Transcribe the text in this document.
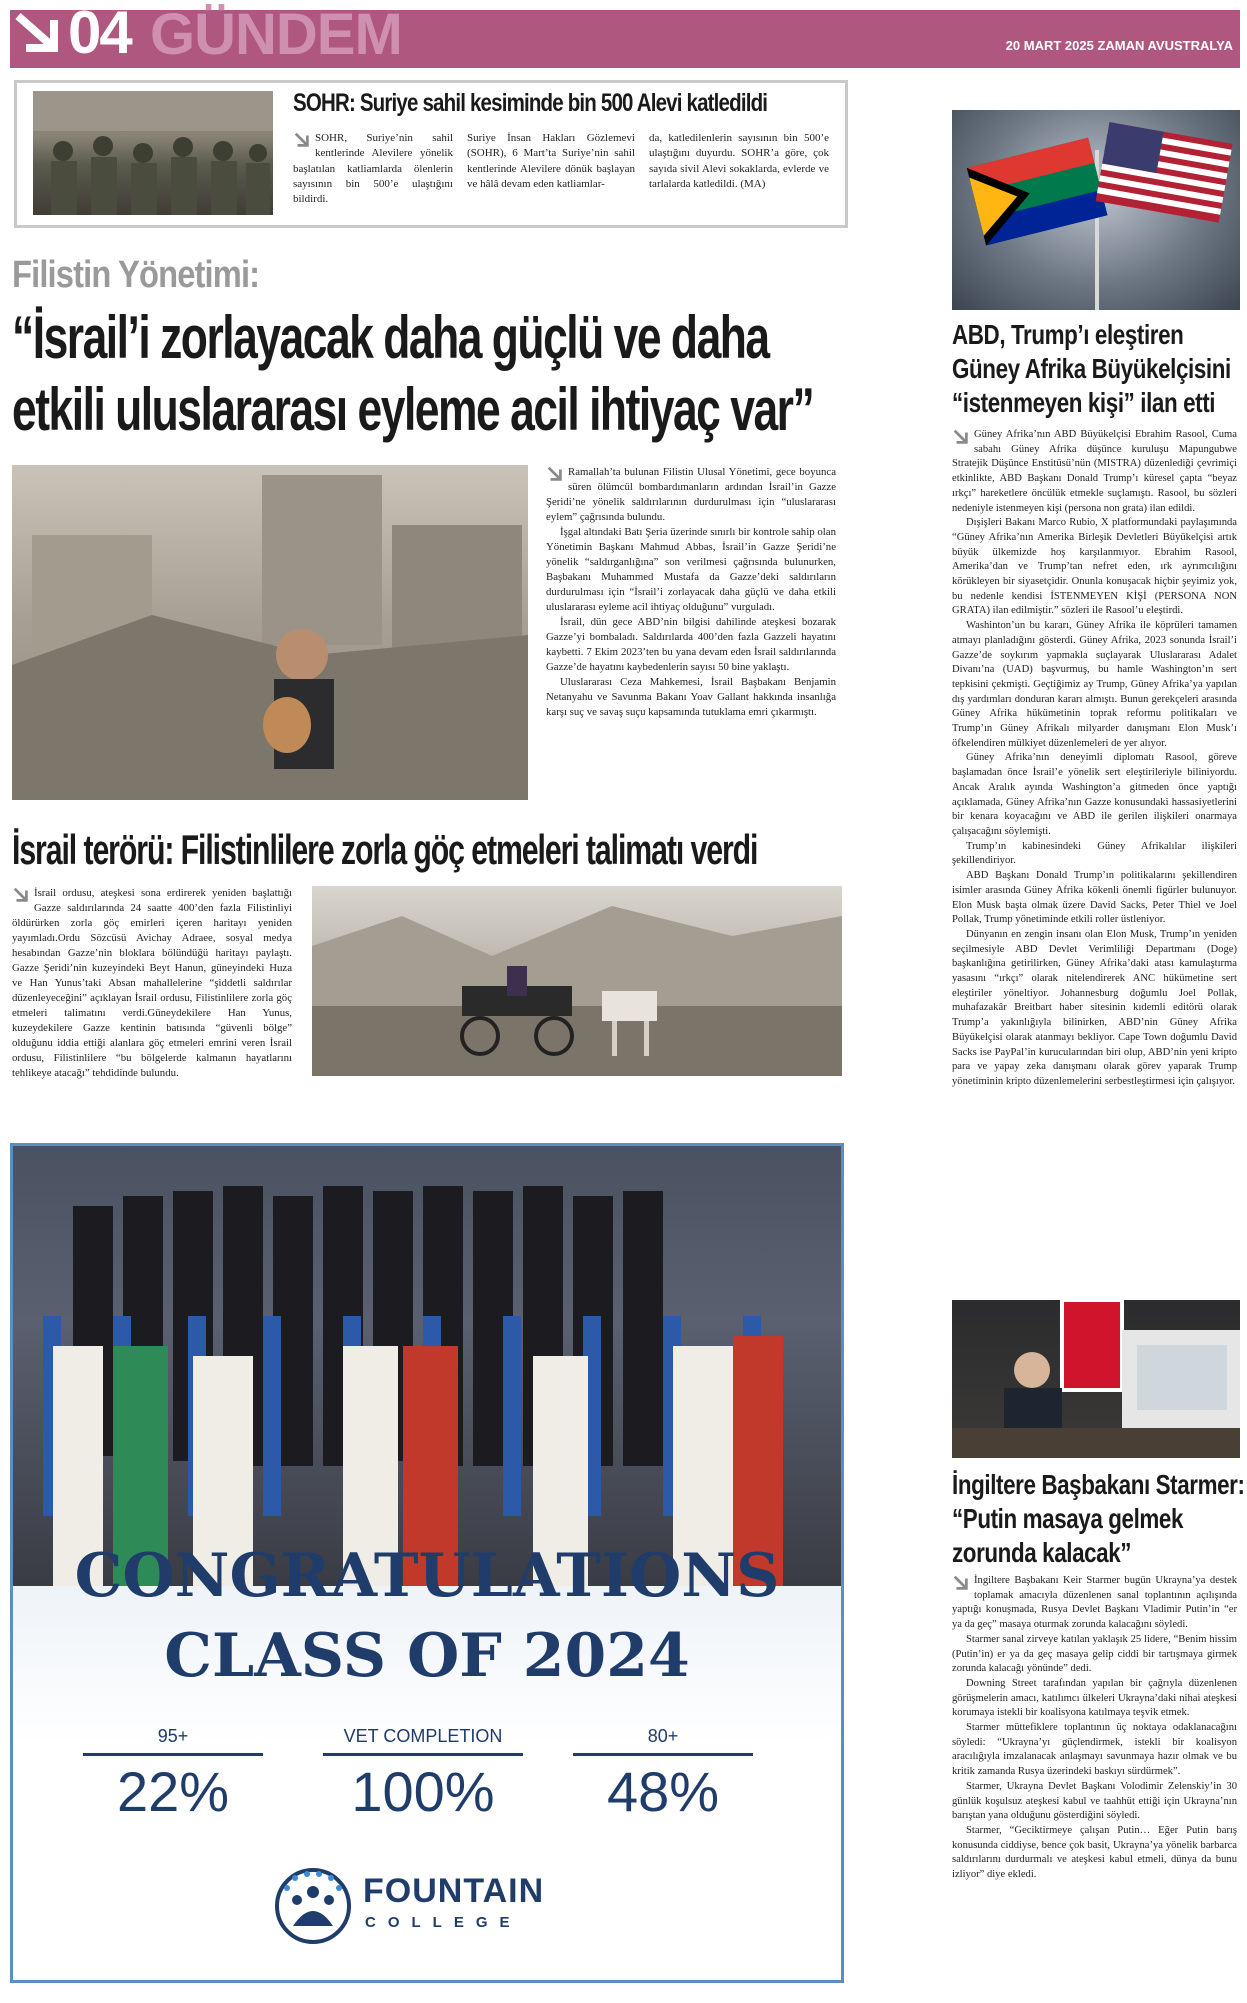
04 GÜNDEM	20 MART 2025 ZAMAN AVUSTRALYA
SOHR: Suriye sahil kesiminde bin 500 Alevi katledildi
SOHR, Suriye’nin sahil kentlerinde Alevilere yönelik başlatılan katliamlarda ölenlerin sayısının bin 500’e ulaştığını bildirdi.
Suriye İnsan Hakları Gözlemevi (SOHR), 6 Mart’ta Suriye’nin sahil kentlerinde Alevilere dönük başlayan ve hâlâ devam eden katliamlar-
da, katledilenlerin sayısının bin 500’e ulaştığını duyurdu. SOHR’a göre, çok sayıda sivil Alevi sokaklarda, evlerde ve tarlalarda katledildi. (MA)
ABD, Trump’ı eleştiren
Güney Afrika Büyükelçisini
“istenmeyen kişi” ilan etti

Güney Afrika’nın ABD Büyükelçisi Ebrahim Rasool, Cuma sabahı Güney Afrika düşünce kuruluşu Mapungubwe Stratejik Düşünce Enstitüsü’nün (MISTRA) düzenlediği çevrimiçi etkinlikte, ABD Başkanı Donald Trump’ı küresel çapta “beyaz ırkçı” hareketlere öncülük etmekle suçlamıştı. Rasool, bu sözleri nedeniyle istenmeyen kişi (persona non grata) ilan edildi.

Dışişleri Bakanı Marco Rubio, X platformundaki paylaşımında “Güney Afrika’nın Amerika Birleşik Devletleri Büyükelçisi artık büyük ülkemizde hoş karşılanmıyor. Ebrahim Rasool, Amerika’dan ve Trump’tan nefret eden, ırk ayrımcılığını körükleyen bir siyasetçidir. Onunla konuşacak hiçbir şeyimiz yok, bu nedenle kendisi İSTENMEYEN KİŞİ (PERSONA NON GRATA) ilan edilmiştir.” sözleri ile Rasool’u eleştirdi.

Washinton’un bu kararı, Güney Afrika ile köprüleri tamamen atmayı planladığını gösterdi. Güney Afrika, 2023 sonunda İsrail’i Gazze’de soykırım yapmakla suçlayarak Uluslararası Adalet Divanı’na (UAD) başvurmuş, bu hamle Washington’ın sert tepkisini çekmişti. Geçtiğimiz ay Trump, Güney Afrika’ya yapılan dış yardımları donduran kararı almıştı. Bunun gerekçeleri arasında Güney Afrika hükümetinin toprak reformu politikaları ve Trump’ın Güney Afrikalı milyarder danışmanı Elon Musk’ı öfkelendiren mülkiyet düzenlemeleri de yer alıyor.

Güney Afrika’nın deneyimli diplomatı Rasool, göreve başlamadan önce İsrail’e yönelik sert eleştirileriyle biliniyordu. Ancak Aralık ayında Washington’a gitmeden önce yaptığı açıklamada, Güney Afrika’nın Gazze konusundaki hassasiyetlerini bir kenara koyacağını ve ABD ile gerilen ilişkileri onarmaya çalışacağını söylemişti.

Trump’ın kabinesindeki Güney Afrikalılar ilişkileri şekillendiriyor.

ABD Başkanı Donald Trump’ın politikalarını şekillendiren isimler arasında Güney Afrika kökenli önemli figürler bulunuyor. Elon Musk başta olmak üzere David Sacks, Peter Thiel ve Joel Pollak, Trump yönetiminde etkili roller üstleniyor.

Dünyanın en zengin insanı olan Elon Musk, Trump’ın yeniden seçilmesiyle ABD Devlet Verimliliği Departmanı (Doge) başkanlığına getirilirken, Güney Afrika’daki atası kamulaştırma yasasını “ırkçı” olarak nitelendirerek ANC hükümetine sert eleştiriler yöneltiyor. Johannesburg doğumlu Joel Pollak, muhafazakâr Breitbart haber sitesinin kıdemli editörü olarak Trump’a yakınlığıyla bilinirken, ABD’nin Güney Afrika Büyükelçisi olarak atanmayı bekliyor. Cape Town doğumlu David Sacks ise PayPal’in kurucularından biri olup, ABD’nin yeni kripto para ve yapay zeka danışmanı olarak görev yaparak Trump yönetiminin kripto düzenlemelerini serbestleştirmesi için çalışıyor.

İngiltere Başbakanı Starmer:
“Putin masaya gelmek
zorunda kalacak”

İngiltere Başbakanı Keir Starmer bugün Ukrayna’ya destek toplamak amacıyla düzenlenen sanal toplantının açılışında yaptığı konuşmada, Rusya Devlet Başkanı Vladimir Putin’in “er ya da geç” masaya oturmak zorunda kalacağını söyledi.

Starmer sanal zirveye katılan yaklaşık 25 lidere, “Benim hissim (Putin’in) er ya da geç masaya gelip ciddi bir tartışmaya girmek zorunda kalacağı yönünde” dedi.

Downing Street tarafından yapılan bir çağrıyla düzenlenen görüşmelerin amacı, katılımcı ülkeleri Ukrayna’daki nihai ateşkesi korumaya istekli bir koalisyona katılmaya teşvik etmek.

Starmer müttefiklere toplantının üç noktaya odaklanacağını söyledi: “Ukrayna’yı güçlendirmek, istekli bir koalisyon aracılığıyla imzalanacak anlaşmayı savunmaya hazır olmak ve bu kritik zamanda Rusya üzerindeki baskıyı sürdürmek”.

Starmer, Ukrayna Devlet Başkanı Volodimir Zelenskiy’in 30 günlük koşulsuz ateşkesi kabul ve taahhüt ettiği için Ukrayna’nın barıştan yana olduğunu gösterdiğini söyledi.

Starmer, “Geciktirmeye çalışan Putin… Eğer Putin barış konusunda ciddiyse, bence çok basit, Ukrayna’ya yönelik barbarca saldırılarını durdurmalı ve ateşkesi kabul etmeli, dünya da bunu izliyor” diye ekledi.

Filistin Yönetimi:
“İsrail’i zorlayacak daha güçlü ve daha
etkili uluslararası eyleme acil ihtiyaç var”

Ramallah’ta bulunan Filistin Ulusal Yönetimi, gece boyunca süren ölümcül bombardımanların ardından İsrail’in Gazze Şeridi’ne yönelik saldırılarının durdurulması için “uluslararası eylem” çağrısında bulundu.

İşgal altındaki Batı Şeria üzerinde sınırlı bir kontrole sahip olan Yönetimin Başkanı Mahmud Abbas, İsrail’in Gazze Şeridi’ne yönelik “saldırganlığına” son verilmesi çağrısında bulunurken, Başbakanı Muhammed Mustafa da Gazze’deki saldırıların durdurulması için “İsrail’i zorlayacak daha güçlü ve daha etkili uluslararası eyleme acil ihtiyaç olduğunu” vurguladı.

İsrail, dün gece ABD’nin bilgisi dahilinde ateşkesi bozarak Gazze’yi bombaladı. Saldırılarda 400’den fazla Gazzeli hayatını kaybetti. 7 Ekim 2023’ten bu yana devam eden İsrail saldırılarında Gazze’de hayatını kaybedenlerin sayısı 50 bine yaklaştı.

Uluslararası Ceza Mahkemesi, İsrail Başbakanı Benjamin Netanyahu ve Savunma Bakanı Yoav Gallant hakkında insanlığa karşı suç ve savaş suçu kapsamında tutuklama emri çıkarmıştı.

İsrail terörü: Filistinlilere zorla göç etmeleri talimatı verdi
İsrail ordusu, ateşkesi sona erdirerek yeniden başlattığı Gazze saldırılarında 24 saatte 400’den fazla Filistinliyi öldürürken zorla göç emirleri içeren haritayı yeniden yayımladı.Ordu Sözcüsü Avichay Adraee, sosyal medya hesabından Gazze’nin bloklara bölündüğü haritayı paylaştı. Gazze Şeridi’nin kuzeyindeki Beyt Hanun, güneyindeki Huza ve Han Yunus’taki Absan mahallelerine “şiddetli saldırılar düzenleyeceğini” açıklayan İsrail ordusu, Filistinlilere zorla göç etmeleri talimatını verdi.Güneydekilere Han Yunus, kuzeydekilere Gazze kentinin batısında “güvenli bölge” olduğunu iddia ettiği alanlara göç etmeleri emrini veren İsrail ordusu, Filistinlilere “bu bölgelerde kalmanın hayatlarını tehlikeye atacağı” tehdidinde bulundu.
CONGRATULATIONS
CLASS OF 2024
95+
22%
VET COMPLETION
100%
80+
48%
FOUNTAIN
COLLEGE
